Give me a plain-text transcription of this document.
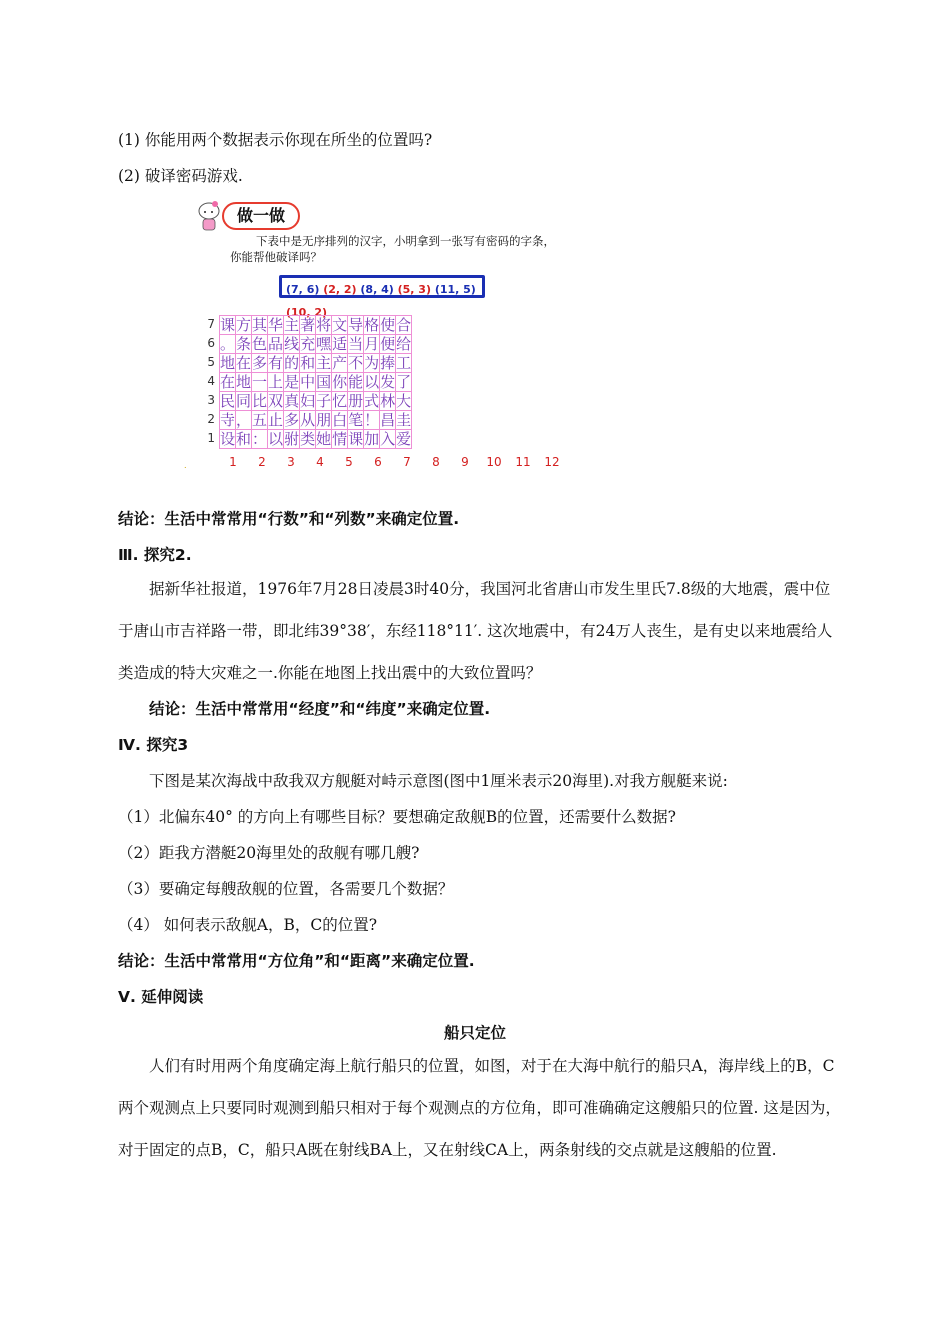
(1) 你能用两个数据表示你现在所坐的位置吗?
(2) 破译密码游戏.
做一做
下表中是无序排列的汉字，小明拿到一张写有密码的字条，你能帮他破译吗？
(7, 6) (2, 2) (8, 4) (5, 3) (11, 5) (10, 2)
课	方	其	华	主	著	将	文	导	格	使	合
。	条	色	品	线	充	嘿	适	当	月	便	给
地	在	多	有	的	和	主	产	不	为	捧	工
在	地	一	上	是	中	国	你	能	以	发	了
民	同	比	双	真	妇	子	忆	册	式	林	大
寺	，	五	止	多	从	朋	白	笔	！	昌	圭
设	和	：	以	驸	类	她	情	课	加	入	爱
7
6
5
4
3
2
1
1	2	3	4	5	6	7	8	9	10	11	12
.
结论：生活中常常用“行数”和“列数”来确定位置.
Ⅲ. 探究2.
据新华社报道，1976年7月28日凌晨3时40分，我国河北省唐山市发生里氏7.8级的大地震，震中位于唐山市吉祥路一带，即北纬39°38′，东经118°11′. 这次地震中，有24万人丧生，是有史以来地震给人类造成的特大灾难之一.你能在地图上找出震中的大致位置吗？
结论：生活中常常用“经度”和“纬度”来确定位置.
Ⅳ. 探究3
下图是某次海战中敌我双方舰艇对峙示意图(图中1厘米表示20海里).对我方舰艇来说:
（1）北偏东40° 的方向上有哪些目标？要想确定敌舰B的位置，还需要什么数据?
（2）距我方潜艇20海里处的敌舰有哪几艘?
（3）要确定每艘敌舰的位置，各需要几个数据？
（4） 如何表示敌舰A，B，C的位置?
结论：生活中常常用“方位角”和“距离”来确定位置.
Ⅴ. 延伸阅读
船只定位
人们有时用两个角度确定海上航行船只的位置，如图，对于在大海中航行的船只A，海岸线上的B，C两个观测点上只要同时观测到船只相对于每个观测点的方位角，即可准确确定这艘船只的位置. 这是因为，对于固定的点B，C，船只A既在射线BA上，又在射线CA上，两条射线的交点就是这艘船的位置.
